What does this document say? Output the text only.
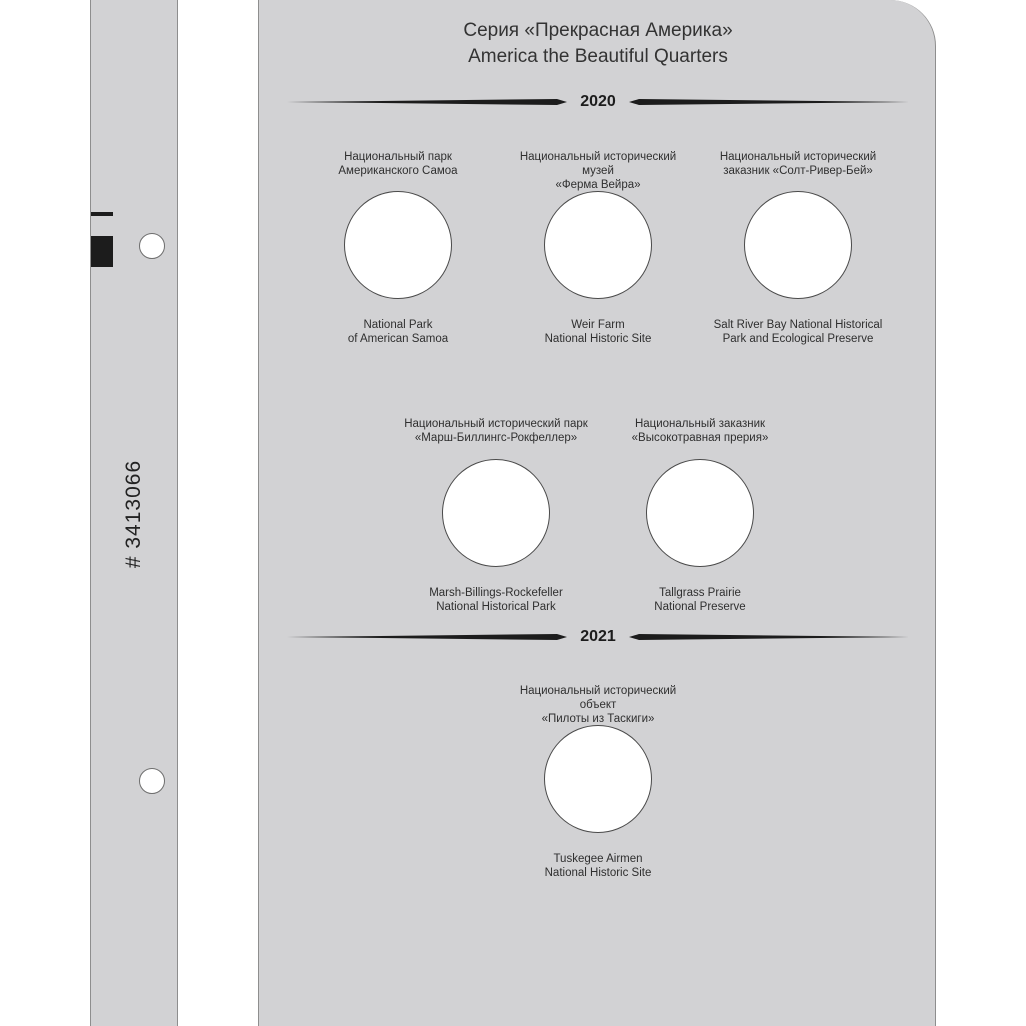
# 3413066
Серия «Прекрасная Америка»
America the Beautiful Quarters
2020
Национальный парк
Американского Самоа
National Park
of American Samoa
Национальный исторический музей
«Ферма Вейра»
Weir Farm
National Historic Site
Национальный исторический
заказник «Солт-Ривер-Бей»
Salt River Bay National Historical
Park and Ecological Preserve
Национальный исторический парк
«Марш-Биллингс-Рокфеллер»
Marsh-Billings-Rockefeller
National Historical Park
Национальный заказник
«Высокотравная прерия»
Tallgrass Prairie
National Preserve
2021
Национальный исторический объект
«Пилоты из Таскиги»
Tuskegee Airmen
National Historic Site
